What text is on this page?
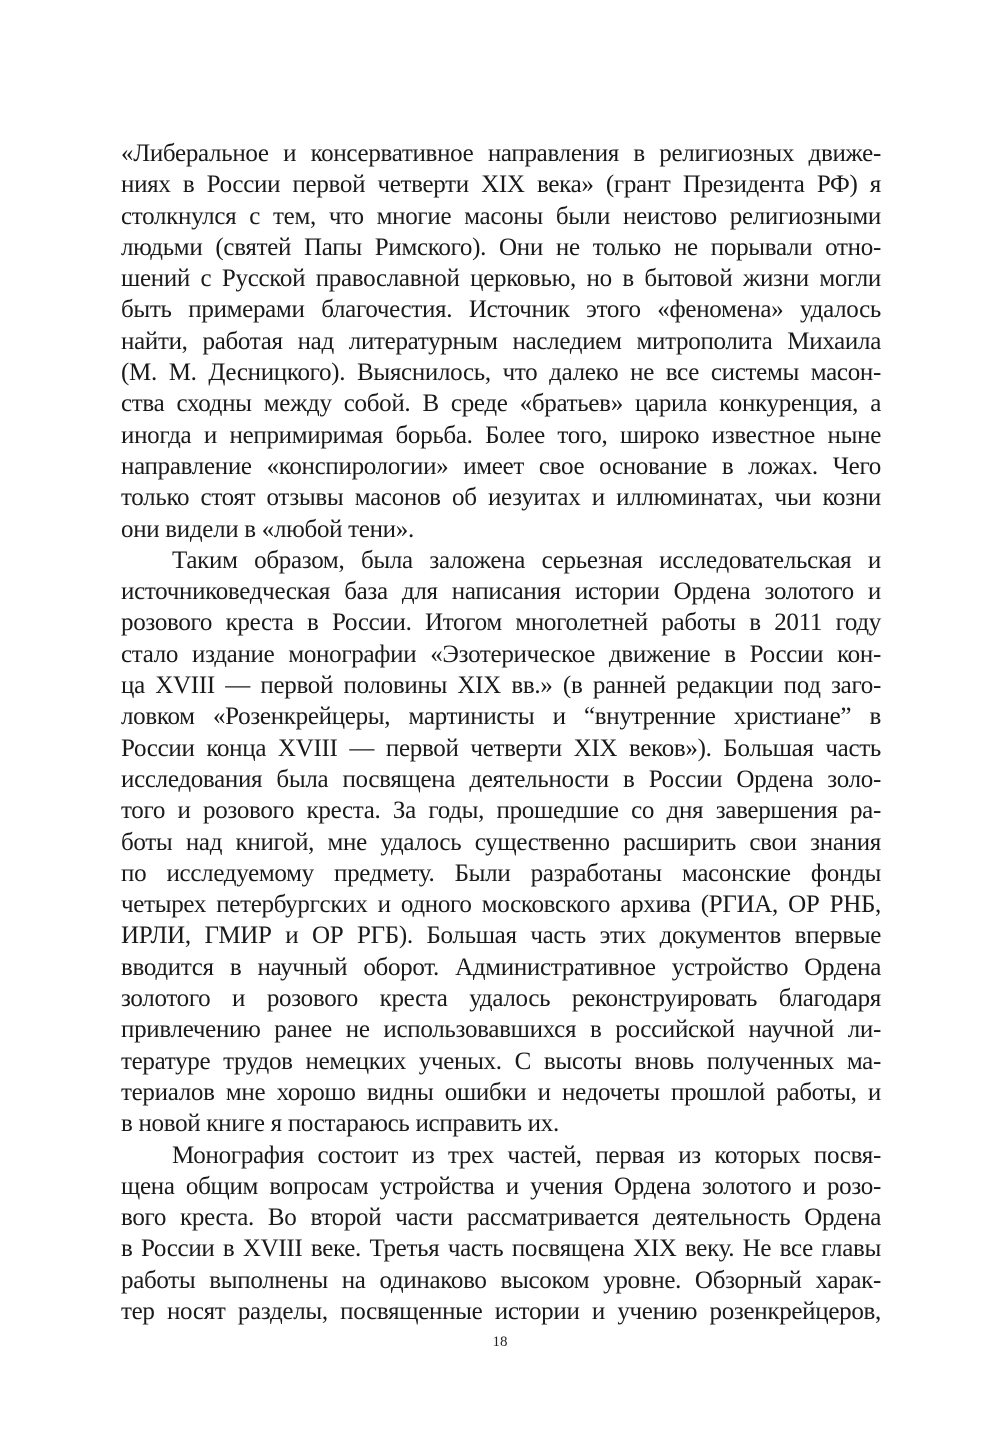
«Либеральное и консервативное направления в религиозных движе-
ниях в России первой четверти XIX века» (грант Президента РФ) я
столкнулся с тем, что многие масоны были неистово религиозными
людьми (святей Папы Римского). Они не только не порывали отно-
шений с Русской православной церковью, но в бытовой жизни могли
быть примерами благочестия. Источник этого «феномена» удалось
найти, работая над литературным наследием митрополита Михаила
(М. М. Десницкого). Выяснилось, что далеко не все системы масон-
ства сходны между собой. В среде «братьев» царила конкуренция, а
иногда и непримиримая борьба. Более того, широко известное ныне
направление «конспирологии» имеет свое основание в ложах. Чего
только стоят отзывы масонов об иезуитах и иллюминатах, чьи козни
они видели в «любой тени».
Таким образом, была заложена серьезная исследовательская и
источниковедческая база для написания истории Ордена золотого и
розового креста в России. Итогом многолетней работы в 2011 году
стало издание монографии «Эзотерическое движение в России кон-
ца XVIII — первой половины XIX вв.» (в ранней редакции под заго-
ловком «Розенкрейцеры, мартинисты и “внутренние христиане” в
России конца XVIII — первой четверти XIX веков»). Большая часть
исследования была посвящена деятельности в России Ордена золо-
того и розового креста. За годы, прошедшие со дня завершения ра-
боты над книгой, мне удалось существенно расширить свои знания
по исследуемому предмету. Были разработаны масонские фонды
четырех петербургских и одного московского архива (РГИА, ОР РНБ,
ИРЛИ, ГМИР и ОР РГБ). Большая часть этих документов впервые
вводится в научный оборот. Административное устройство Ордена
золотого и розового креста удалось реконструировать благодаря
привлечению ранее не использовавшихся в российской научной ли-
тературе трудов немецких ученых. С высоты вновь полученных ма-
териалов мне хорошо видны ошибки и недочеты прошлой работы, и
в новой книге я постараюсь исправить их.
Монография состоит из трех частей, первая из которых посвя-
щена общим вопросам устройства и учения Ордена золотого и розо-
вого креста. Во второй части рассматривается деятельность Ордена
в России в XVIII веке. Третья часть посвящена XIX веку. Не все главы
работы выполнены на одинаково высоком уровне. Обзорный харак-
тер носят разделы, посвященные истории и учению розенкрейцеров,
18
